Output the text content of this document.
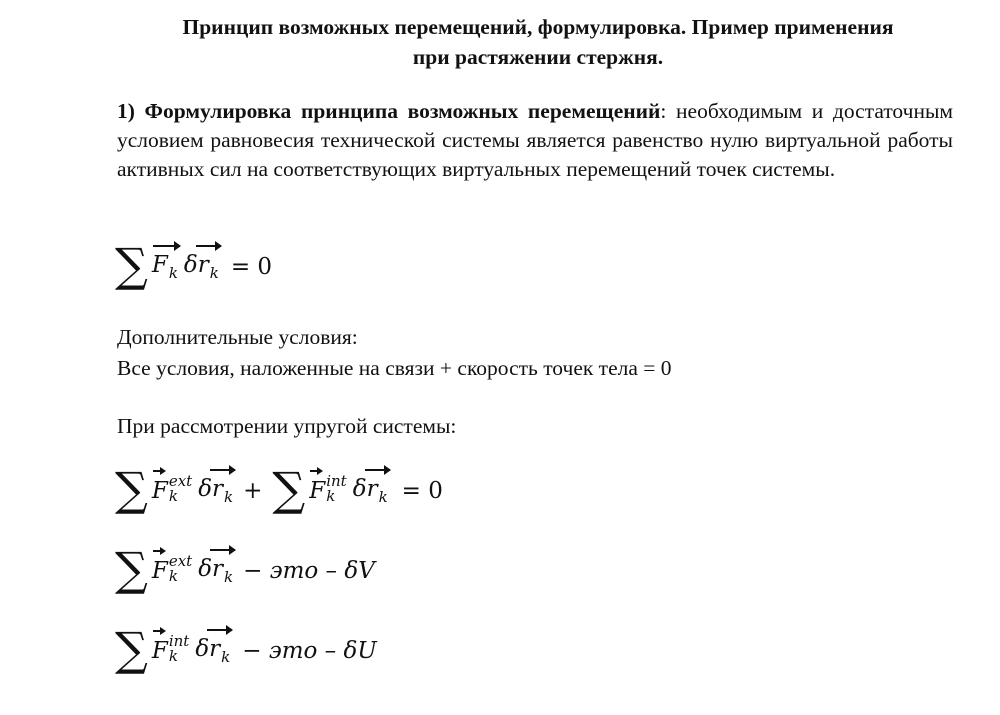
Принцип возможных перемещений, формулировка. Пример применения
при растяжении стержня.

1) Формулировка принципа возможных перемещений: необходимым и достаточным условием равновесия технической системы является равенство нулю виртуальной работы активных сил на соответствующих виртуальных перемещений точек системы.

∑ $F_k$ $\delta r_k = 0$

Дополнительные условия:

Все условия, наложенные на связи + скорость точек тела = 0

При рассмотрении упругой системы:

∑ F ext
k $\delta r_k$ + ∑ F int
k $\delta r_k = 0$
∑ F ext
k $\delta r_k$ − это – δV
∑ F int
k $\delta r_k$ − это – δU
